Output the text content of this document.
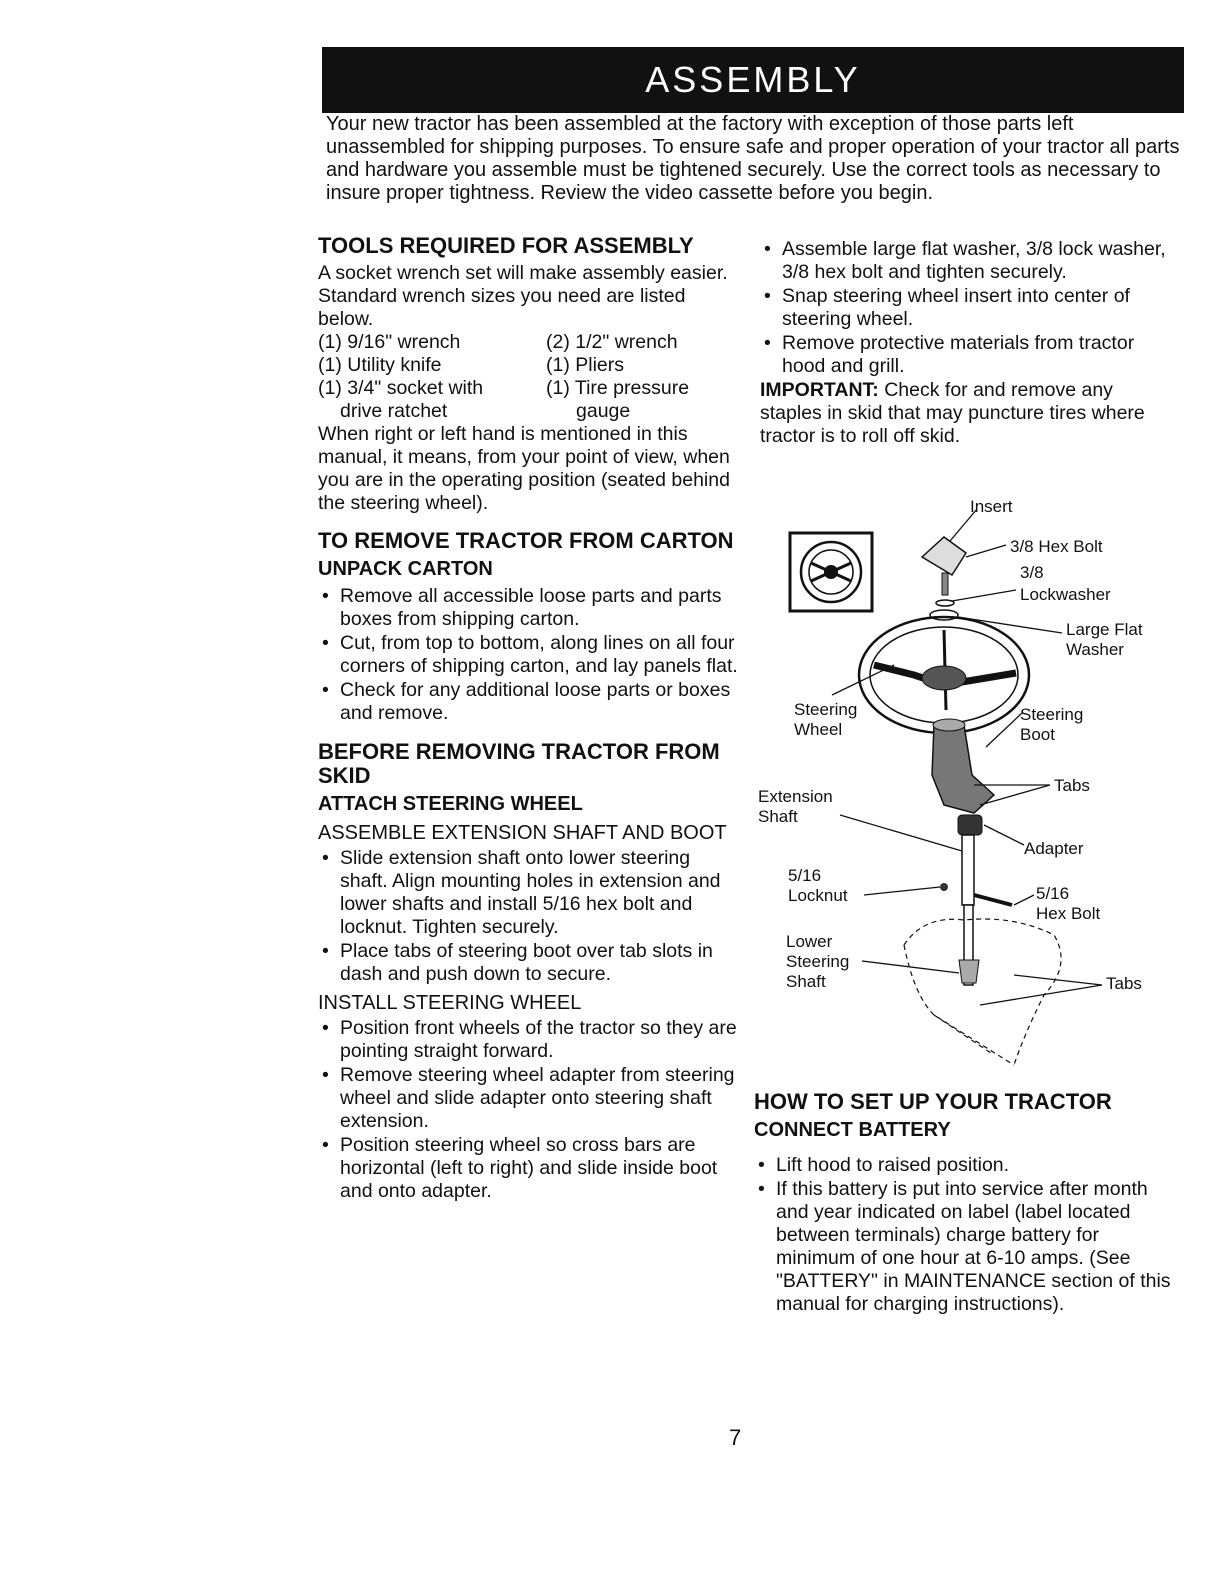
ASSEMBLY

Your new tractor has been assembled at the factory with exception of those parts left unassembled for shipping purposes. To ensure safe and proper operation of your tractor all parts and hardware you assemble must be tightened securely. Use the correct tools as necessary to insure proper tightness. Review the video cassette before you begin.

TOOLS REQUIRED FOR ASSEMBLY

A socket wrench set will make assembly easier. Standard wrench sizes you need are listed below.

(1) 9/16" wrench	(2) 1/2" wrench
(1) Utility knife	(1) Pliers
(1) 3/4" socket with	(1) Tire pressure
drive ratchet	gauge

When right or left hand is mentioned in this manual, it means, from your point of view, when you are in the operating position (seated behind the steering wheel).

TO REMOVE TRACTOR FROM CARTON
UNPACK CARTON
• Remove all accessible loose parts and parts boxes from shipping carton.
• Cut, from top to bottom, along lines on all four corners of shipping carton, and lay panels flat.
• Check for any additional loose parts or boxes and remove.
BEFORE REMOVING TRACTOR FROM SKID
ATTACH STEERING WHEEL
ASSEMBLE EXTENSION SHAFT AND BOOT
• Slide extension shaft onto lower steering shaft. Align mounting holes in extension and lower shafts and install 5/16 hex bolt and locknut. Tighten securely.
• Place tabs of steering boot over tab slots in dash and push down to secure.
INSTALL STEERING WHEEL
• Position front wheels of the tractor so they are pointing straight forward.
• Remove steering wheel adapter from steering wheel and slide adapter onto steering shaft extension.
• Position steering wheel so cross bars are horizontal (left to right) and slide inside boot and onto adapter.
• Assemble large flat washer, 3/8 lock washer, 3/8 hex bolt and tighten securely.
• Snap steering wheel insert into center of steering wheel.
• Remove protective materials from tractor hood and grill.

IMPORTANT: Check for and remove any staples in skid that may puncture tires where tractor is to roll off skid.

Insert
3/8 Hex Bolt
3/8
Lockwasher
Large Flat
Washer
Steering
Wheel
Steering
Boot
Tabs
Extension
Shaft
Adapter
5/16
Locknut	5/16
Hex Bolt
Lower
Steering
Shaft	Tabs
HOW TO SET UP YOUR TRACTOR
CONNECT BATTERY
• Lift hood to raised position.
• If this battery is put into service after month and year indicated on label (label located between terminals) charge battery for minimum of one hour at 6-10 amps. (See "BATTERY" in MAINTENANCE section of this manual for charging instructions).
7
